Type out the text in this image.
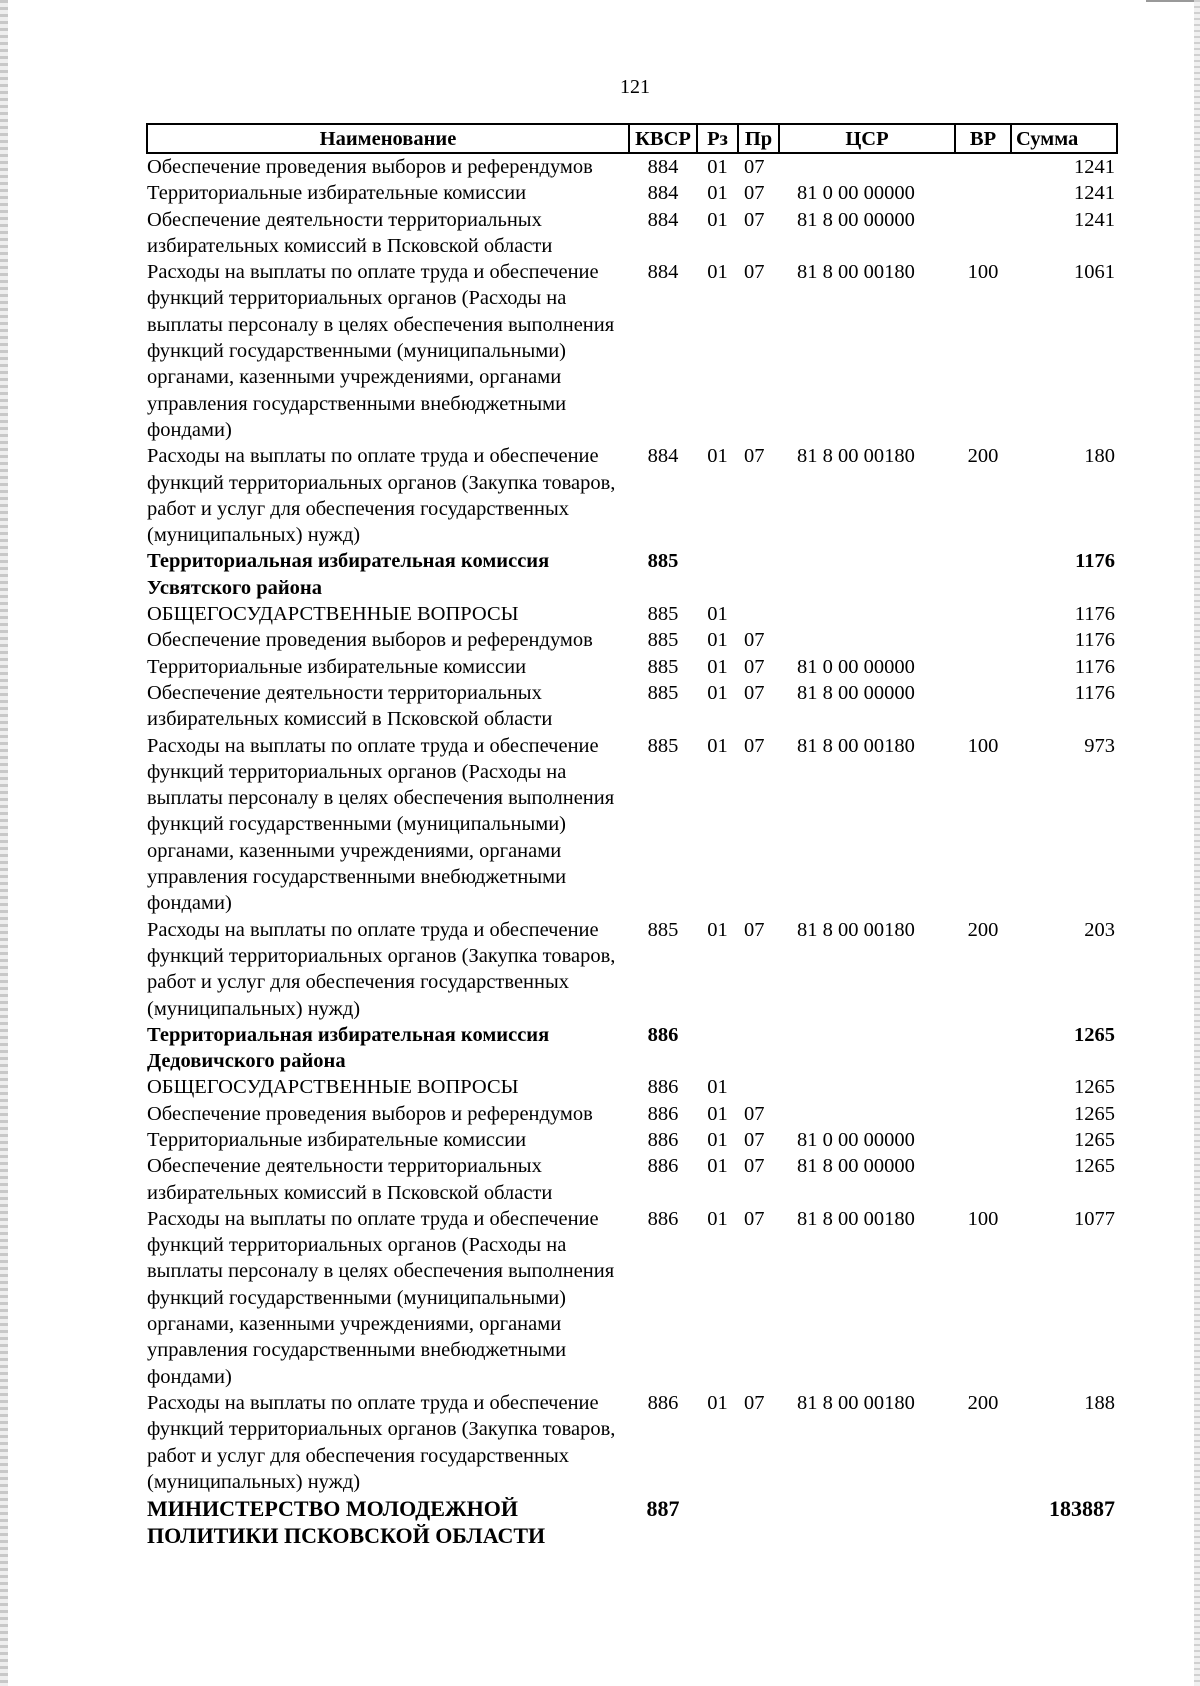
121
Наименование	КВСР	Рз	Пр	ЦСР	ВР	Сумма
Обеспечение проведения выборов и референдумов	884	01	07			1241
Территориальные избирательные комиссии	884	01	07	81 0 00 00000		1241
Обеспечение деятельности территориальных избирательных комиссий в Псковской области	884	01	07	81 8 00 00000		1241
Расходы на выплаты по оплате труда и обеспечение функций территориальных органов (Расходы на выплаты персоналу в целях обеспечения выполнения функций государственными (муниципальными) органами, казенными учреждениями, органами управления государственными внебюджетными фондами)	884	01	07	81 8 00 00180	100	1061
Расходы на выплаты по оплате труда и обеспечение функций территориальных органов (Закупка товаров, работ и услуг для обеспечения государственных (муниципальных) нужд)	884	01	07	81 8 00 00180	200	180
Территориальная избирательная комиссия Усвятского района	885					1176
ОБЩЕГОСУДАРСТВЕННЫЕ ВОПРОСЫ	885	01				1176
Обеспечение проведения выборов и референдумов	885	01	07			1176
Территориальные избирательные комиссии	885	01	07	81 0 00 00000		1176
Обеспечение деятельности территориальных избирательных комиссий в Псковской области	885	01	07	81 8 00 00000		1176
Расходы на выплаты по оплате труда и обеспечение функций территориальных органов (Расходы на выплаты персоналу в целях обеспечения выполнения функций государственными (муниципальными) органами, казенными учреждениями, органами управления государственными внебюджетными фондами)	885	01	07	81 8 00 00180	100	973
Расходы на выплаты по оплате труда и обеспечение функций территориальных органов (Закупка товаров, работ и услуг для обеспечения государственных (муниципальных) нужд)	885	01	07	81 8 00 00180	200	203
Территориальная избирательная комиссия Дедовичского района	886					1265
ОБЩЕГОСУДАРСТВЕННЫЕ ВОПРОСЫ	886	01				1265
Обеспечение проведения выборов и референдумов	886	01	07			1265
Территориальные избирательные комиссии	886	01	07	81 0 00 00000		1265
Обеспечение деятельности территориальных избирательных комиссий в Псковской области	886	01	07	81 8 00 00000		1265
Расходы на выплаты по оплате труда и обеспечение функций территориальных органов (Расходы на выплаты персоналу в целях обеспечения выполнения функций государственными (муниципальными) органами, казенными учреждениями, органами управления государственными внебюджетными фондами)	886	01	07	81 8 00 00180	100	1077
Расходы на выплаты по оплате труда и обеспечение функций территориальных органов (Закупка товаров, работ и услуг для обеспечения государственных (муниципальных) нужд)	886	01	07	81 8 00 00180	200	188
МИНИСТЕРСТВО МОЛОДЕЖНОЙ ПОЛИТИКИ ПСКОВСКОЙ ОБЛАСТИ	887					183887
